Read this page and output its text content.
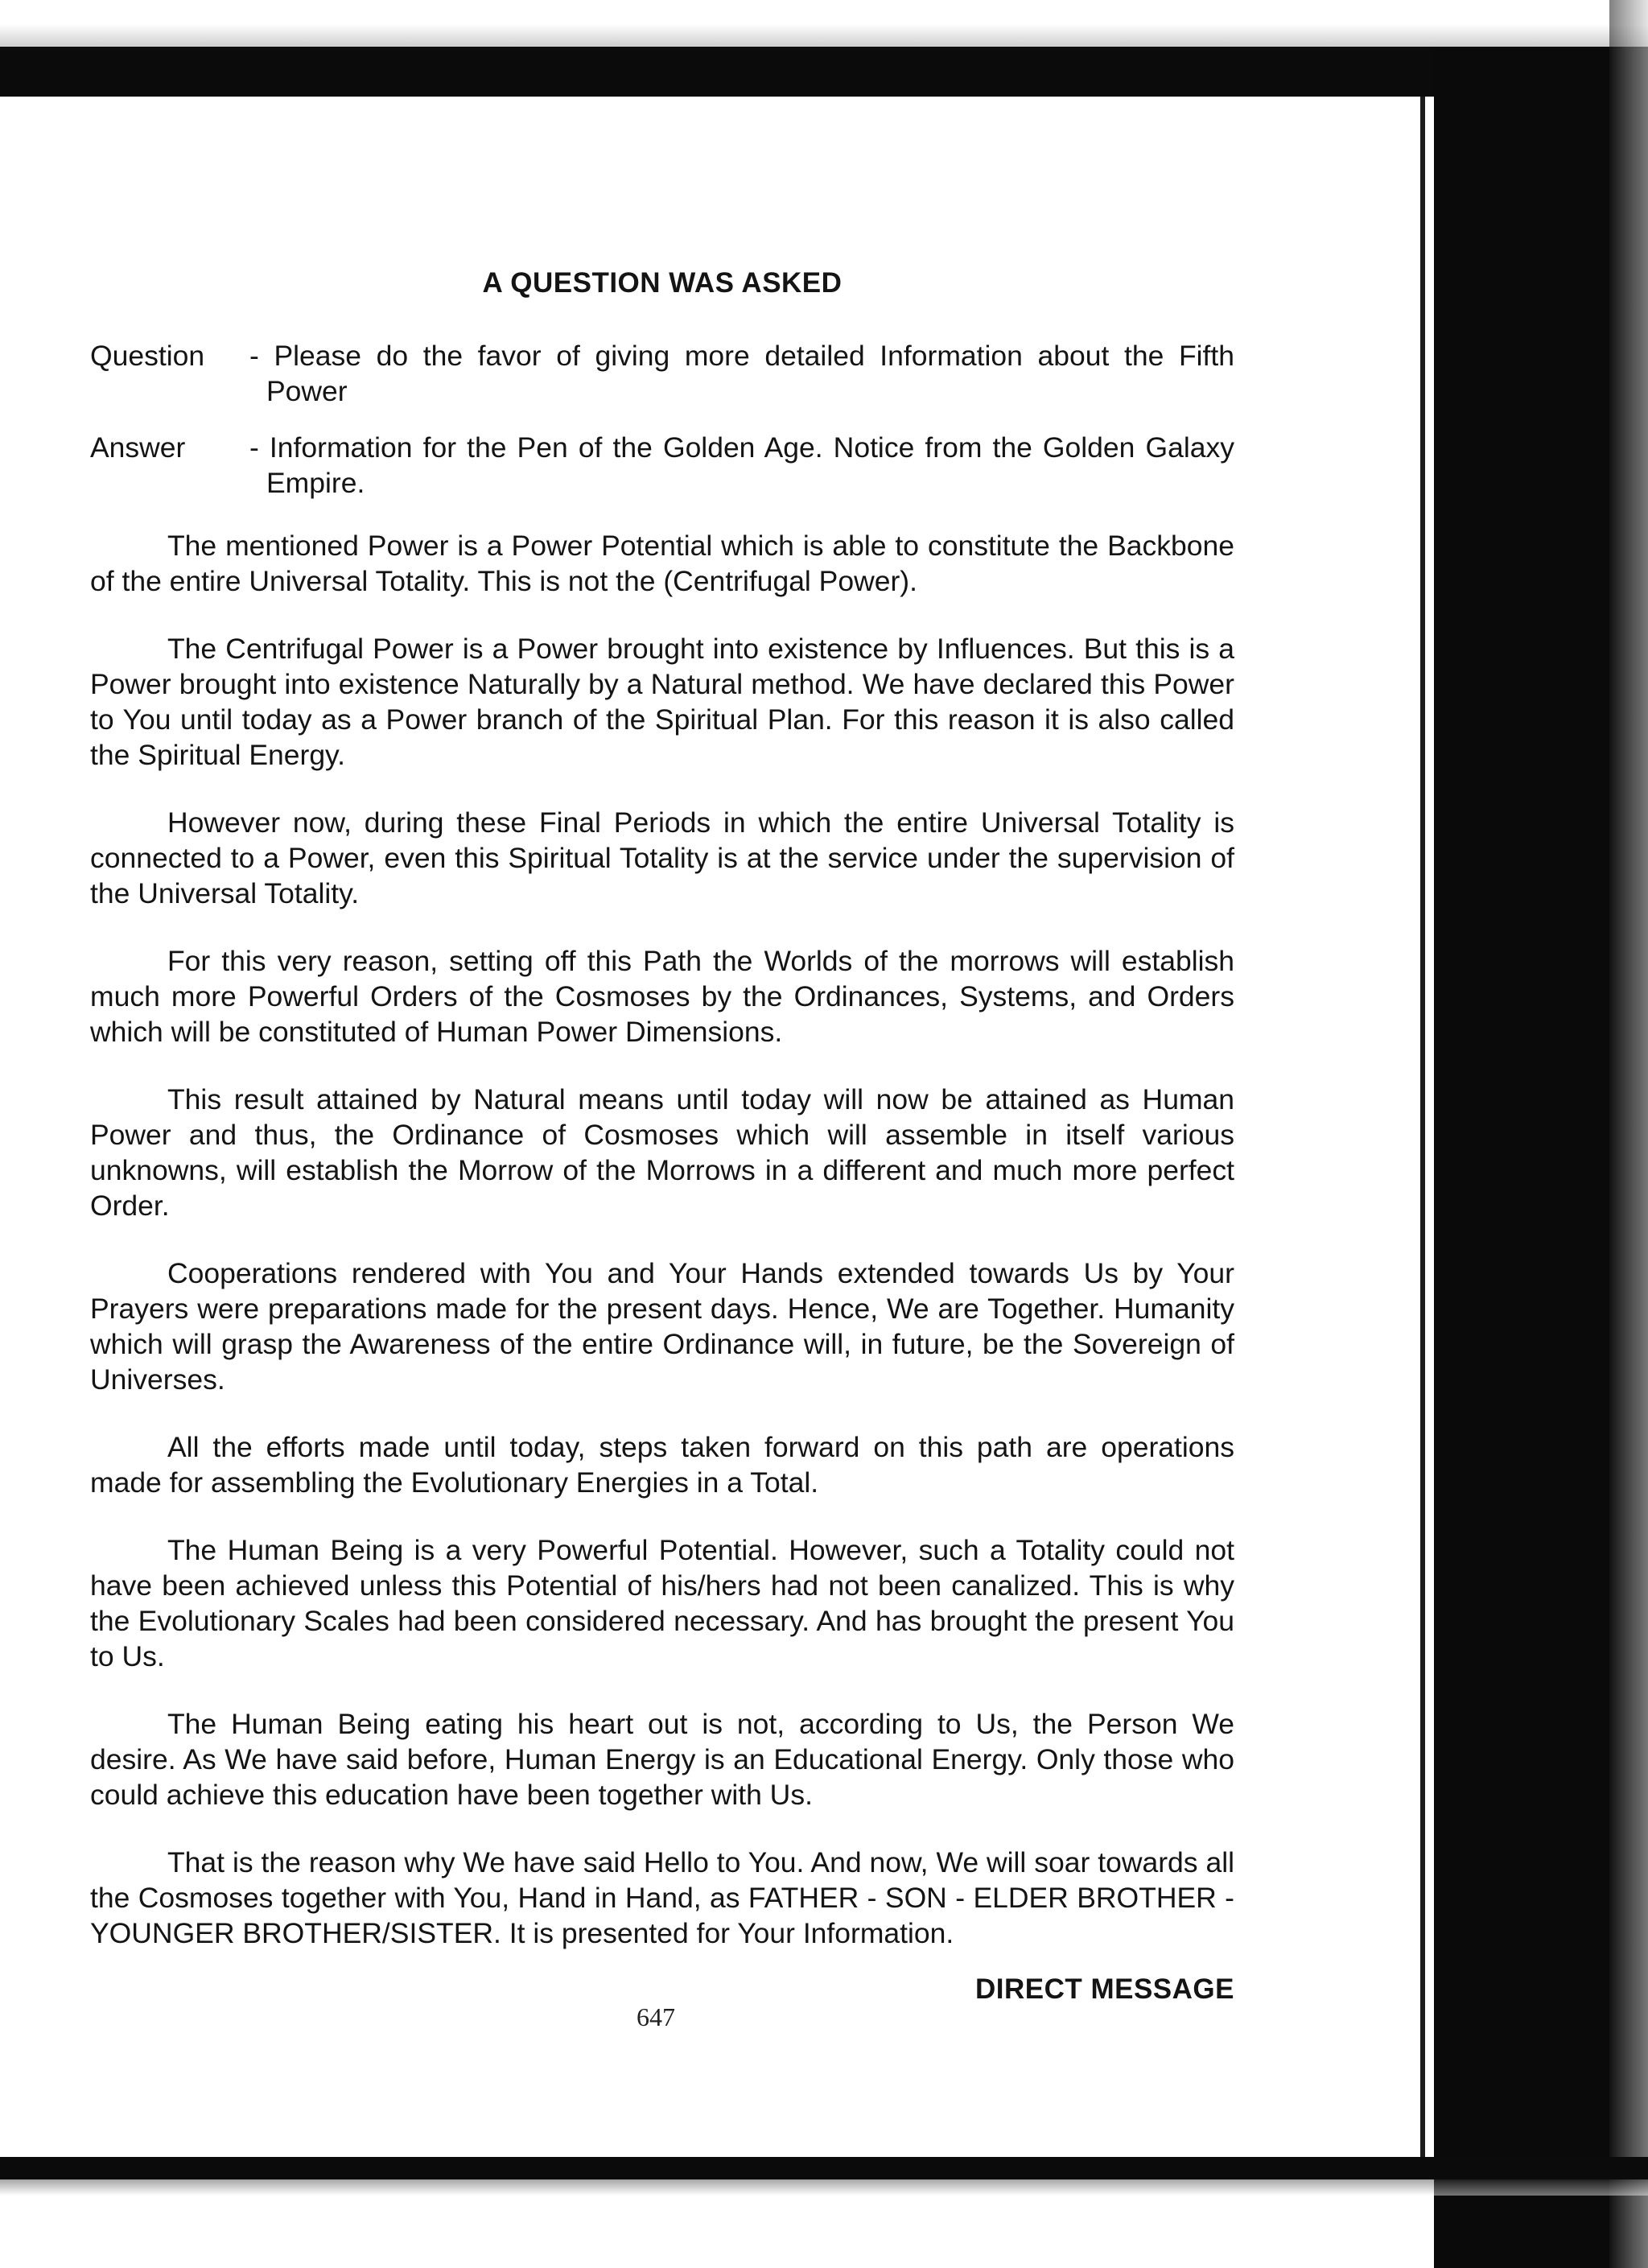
A QUESTION WAS ASKED
Question	- Please do the favor of giving more detailed Information about the Fifth Power
Answer	- Information for the Pen of the Golden Age. Notice from the Golden Galaxy Empire.

The mentioned Power is a Power Potential which is able to constitute the Backbone of the entire Universal Totality. This is not the (Centrifugal Power).

The Centrifugal Power is a Power brought into existence by Influences. But this is a Power brought into existence Naturally by a Natural method. We have declared this Power to You until today as a Power branch of the Spiritual Plan. For this reason it is also called the Spiritual Energy.

However now, during these Final Periods in which the entire Universal Totality is connected to a Power, even this Spiritual Totality is at the service under the supervision of the Universal Totality.

For this very reason, setting off this Path the Worlds of the morrows will establish much more Powerful Orders of the Cosmoses by the Ordinances, Systems, and Orders which will be constituted of Human Power Dimensions.

This result attained by Natural means until today will now be attained as Human Power and thus, the Ordinance of Cosmoses which will assemble in itself various unknowns, will establish the Morrow of the Morrows in a different and much more perfect Order.

Cooperations rendered with You and Your Hands extended towards Us by Your Prayers were preparations made for the present days. Hence, We are Together. Humanity which will grasp the Awareness of the entire Ordinance will, in future, be the Sovereign of Universes.

All the efforts made until today, steps taken forward on this path are operations made for assembling the Evolutionary Energies in a Total.

The Human Being is a very Powerful Potential. However, such a Totality could not have been achieved unless this Potential of his/hers had not been canalized. This is why the Evolutionary Scales had been considered necessary. And has brought the present You to Us.

The Human Being eating his heart out is not, according to Us, the Person We desire. As We have said before, Human Energy is an Educational Energy. Only those who could achieve this education have been together with Us.

That is the reason why We have said Hello to You. And now, We will soar towards all the Cosmoses together with You, Hand in Hand, as FATHER - SON - ELDER BROTHER - YOUNGER BROTHER/SISTER. It is presented for Your Information.

DIRECT MESSAGE
647
